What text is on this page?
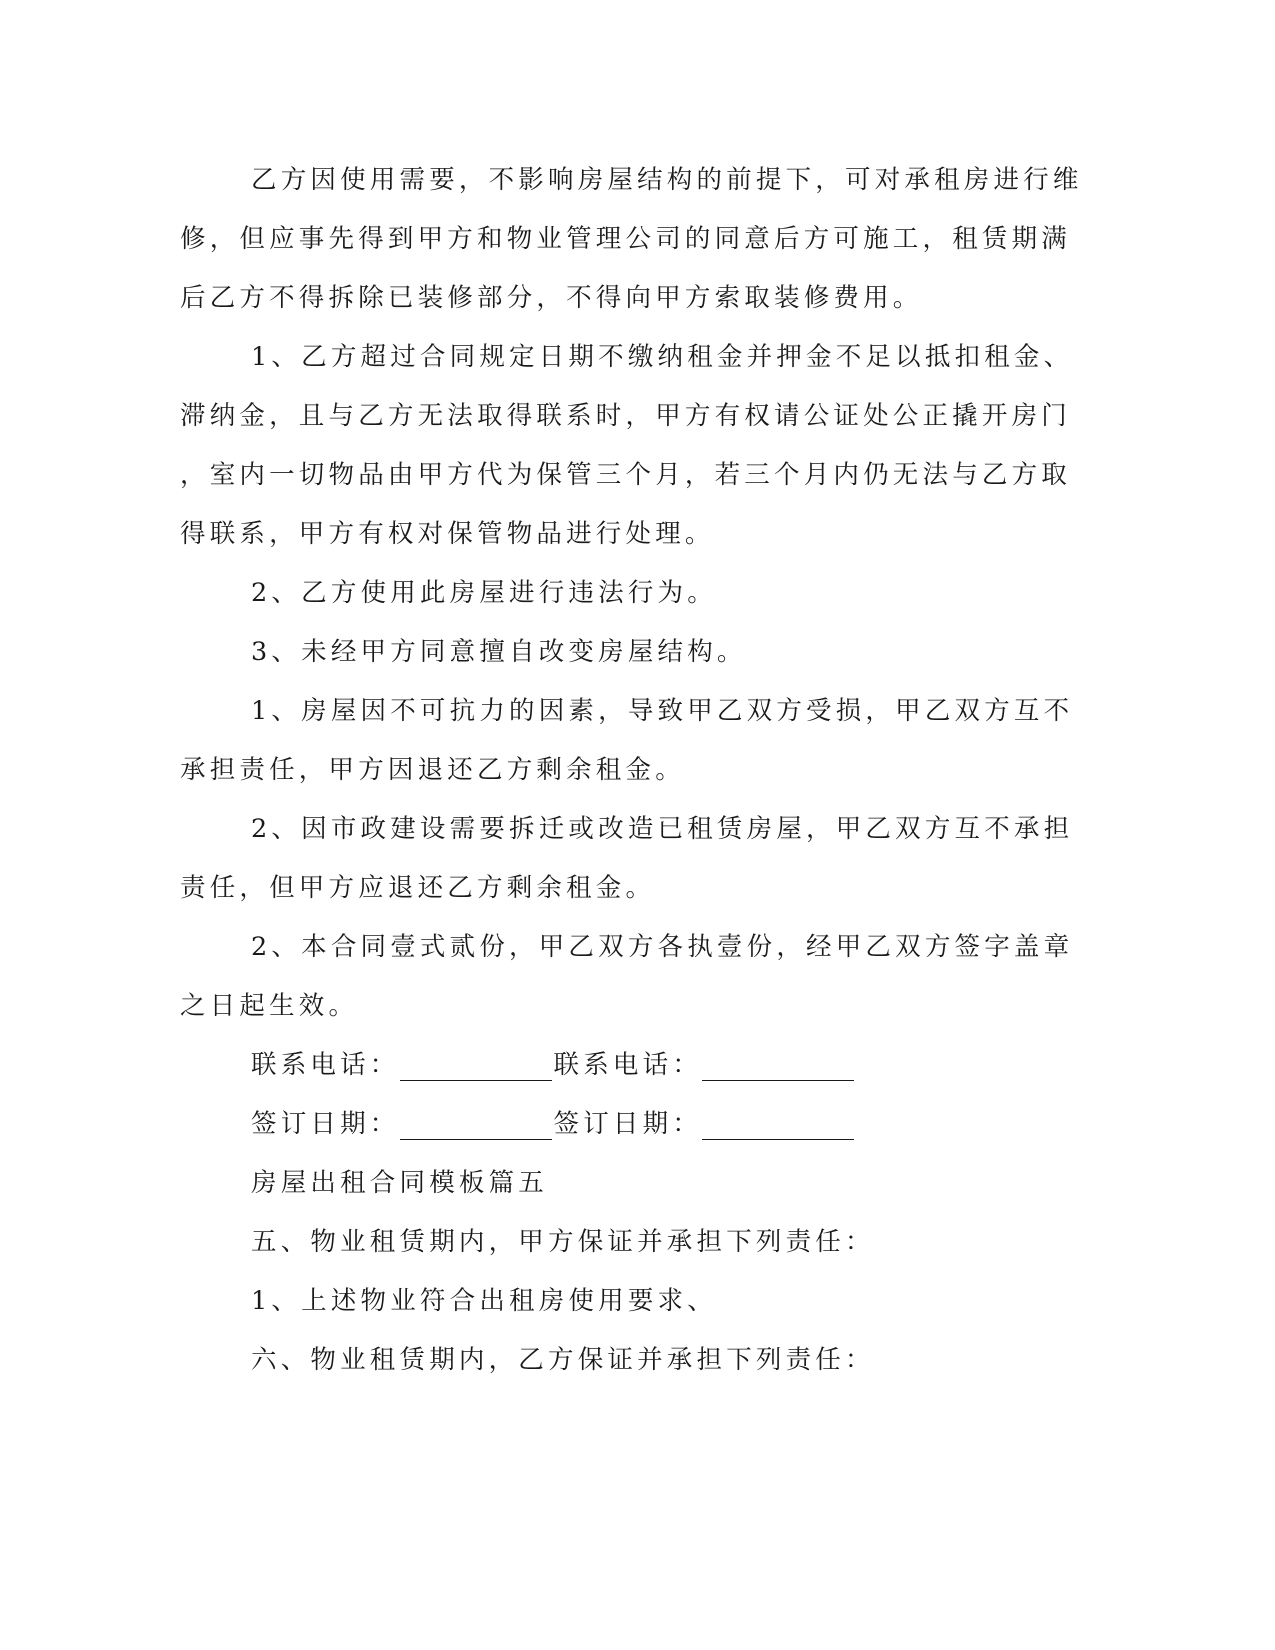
乙方因使用需要，不影响房屋结构的前提下，可对承租房进行维
修，但应事先得到甲方和物业管理公司的同意后方可施工，租赁期满
后乙方不得拆除已装修部分，不得向甲方索取装修费用。
1、乙方超过合同规定日期不缴纳租金并押金不足以抵扣租金、
滞纳金，且与乙方无法取得联系时，甲方有权请公证处公正撬开房门
，室内一切物品由甲方代为保管三个月，若三个月内仍无法与乙方取
得联系，甲方有权对保管物品进行处理。
2、乙方使用此房屋进行违法行为。
3、未经甲方同意擅自改变房屋结构。
1、房屋因不可抗力的因素，导致甲乙双方受损，甲乙双方互不
承担责任，甲方因退还乙方剩余租金。
2、因市政建设需要拆迁或改造已租赁房屋，甲乙双方互不承担
责任，但甲方应退还乙方剩余租金。
2、本合同壹式贰份，甲乙双方各执壹份，经甲乙双方签字盖章
之日起生效。
联系电话：	联系电话：
签订日期：	签订日期：
房屋出租合同模板篇五
五、物业租赁期内，甲方保证并承担下列责任：
1、上述物业符合出租房使用要求、
六、物业租赁期内，乙方保证并承担下列责任：
